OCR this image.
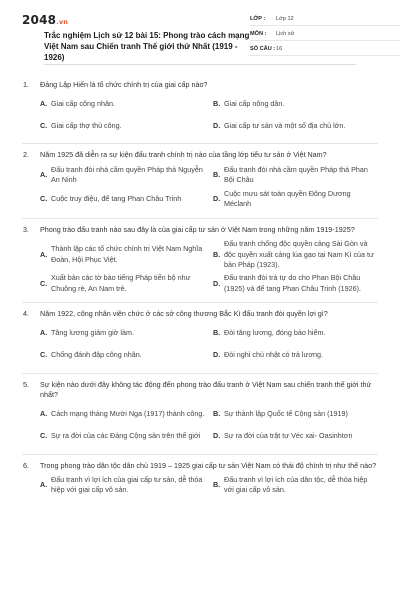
2048.vn
Trắc nghiệm Lịch sử 12 bài 15: Phong trào cách mạng Việt Nam sau Chiến tranh Thế giới thứ Nhất (1919 - 1926)
LỚP :	Lớp 12
MÔN :	Lịch sử
SỐ CÂU : 16
1.	Đảng Lập Hiến là tổ chức chính trị của giai cấp nào?
A. Giai cấp công nhân.	B. Giai cấp nông dân.
C. Giai cấp thợ thủ công.	D. Giai cấp tư sản và một số địa chủ lớn.
2.	Năm 1925 đã diễn ra sự kiện đấu tranh chính trị nào của tầng lớp tiểu tư sản ở Việt Nam?
A.
Đấu tranh đòi nhà cầm quyền Pháp thả Nguyễn An Ninh
B.
Đấu tranh đòi nhà cầm quyền Pháp thả Phan Bội Châu
C. Cuộc truy điệu, để tang Phan Châu Trinh	D.
Cuộc mưu sát toàn quyền Đông Dương Méclanh
3.	Phong trào đấu tranh nào sau đây là của giai cấp tư sản ở Việt Nam trong những năm 1919-1925?
A.
Thành lập các tổ chức chính trị Việt Nam Nghĩa Đoàn, Hội Phục Việt.
B.
Đấu tranh chống độc quyền cảng Sài Gòn và độc quyền xuất cảng lúa gạo tại Nam Kì của tư bản Pháp (1923).
C.
Xuất bản các tờ báo tiếng Pháp tiến bộ như Chuông rè, An Nam trẻ.
D.
Đấu tranh đòi trả tự do cho Phan Bội Châu (1925) và để tang Phan Châu Trinh (1926).
4.	Năm 1922, công nhân viên chức ở các sở công thương Bắc Kì đấu tranh đòi quyền lợi gì?
A. Tăng lương giảm giờ làm.	B. Đòi tăng lương, đóng bảo hiểm.
C. Chống đánh đập công nhân.	D. Đòi nghỉ chủ nhật có trả lương.
5.	Sự kiện nào dưới đây không tác động đến phong trào đấu tranh ở Việt Nam sau chiến tranh thế giới thứ nhất?
A. Cách mạng tháng Mười Nga (1917) thành công. B. Sự thành lập Quốc tế Cộng sản (1919)
C. Sự ra đời của các Đảng Cộng sản trên thế giới	D. Sự ra đời của trật tự Véc xai- Oasinhtơn
6.	Trong phong trào dân tộc dân chủ 1919 – 1925 giai cấp tư sản Việt Nam có thái độ chính trị như thế nào?
A.
Đấu tranh vì lợi ích của giai cấp tư sản, dễ thỏa hiệp với giai cấp vô sản.
B.
Đấu tranh vì lợi ích của dân tộc, dễ thỏa hiệp với giai cấp vô sản.
